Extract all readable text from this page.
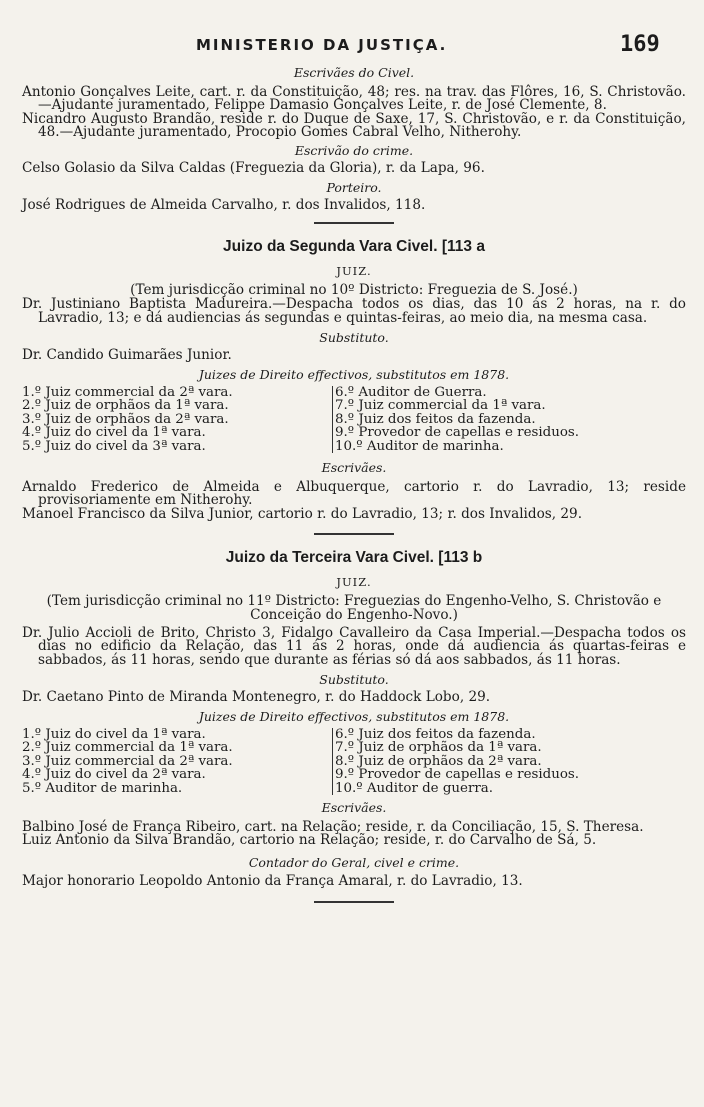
MINISTERIO DA JUSTIÇA.	169

Escrivães do Civel.

Antonio Gonçalves Leite, cart. r. da Constituição, 48; res. na trav. das Flôres, 16, S. Christovão.—Ajudante juramentado, Felippe Damasio Gonçalves Leite, r. de José Clemente, 8.

Nicandro Augusto Brandão, reside r. do Duque de Saxe, 17, S. Christovão, e r. da Constituição, 48.—Ajudante juramentado, Procopio Gomes Cabral Velho, Nitherohy.

Escrivão do crime.

Celso Golasio da Silva Caldas (Freguezia da Gloria), r. da Lapa, 96.

Porteiro.

José Rodrigues de Almeida Carvalho, r. dos Invalidos, 118.

Juizo da Segunda Vara Civel. [113 a

JUIZ.

(Tem jurisdicção criminal no 10º Districto: Freguezia de S. José.)

Dr. Justiniano Baptista Madureira.—Despacha todos os dias, das 10 ás 2 horas, na r. do Lavradio, 13; e dá audiencias ás segundas e quintas-feiras, ao meio dia, na mesma casa.

Substituto.

Dr. Candido Guimarães Junior.

Juizes de Direito effectivos, substitutos em 1878.

1.º Juiz commercial da 2ª vara.
2.º Juiz de orphãos da 1ª vara.
3.º Juiz de orphãos da 2ª vara.
4.º Juiz do civel da 1ª vara.
5.º Juiz do civel da 3ª vara.
6.º Auditor de Guerra.
7.º Juiz commercial da 1ª vara.
8.º Juiz dos feitos da fazenda.
9.º Provedor de capellas e residuos.
10.º Auditor de marinha.

Escrivães.

Arnaldo Frederico de Almeida e Albuquerque, cartorio r. do Lavradio, 13; reside provisoriamente em Nitherohy.

Manoel Francisco da Silva Junior, cartorio r. do Lavradio, 13; r. dos Invalidos, 29.

Juizo da Terceira Vara Civel. [113 b

JUIZ.

(Tem jurisdicção criminal no 11º Districto: Freguezias do Engenho-Velho, S. Christovão e Conceição do Engenho-Novo.)

Dr. Julio Accioli de Brito, Christo 3, Fidalgo Cavalleiro da Casa Imperial.—Despacha todos os dias no edificio da Relação, das 11 ás 2 horas, onde dá audiencia ás quartas-feiras e sabbados, ás 11 horas, sendo que durante as férias só dá aos sabbados, ás 11 horas.

Substituto.

Dr. Caetano Pinto de Miranda Montenegro, r. do Haddock Lobo, 29.

Juizes de Direito effectivos, substitutos em 1878.

1.º Juiz do civel da 1ª vara.
2.º Juiz commercial da 1ª vara.
3.º Juiz commercial da 2ª vara.
4.º Juiz do civel da 2ª vara.
5.º Auditor de marinha.
6.º Juiz dos feitos da fazenda.
7.º Juiz de orphãos da 1ª vara.
8.º Juiz de orphãos da 2ª vara.
9.º Provedor de capellas e residuos.
10.º Auditor de guerra.

Escrivães.

Balbino José de França Ribeiro, cart. na Relação; reside, r. da Conciliação, 15, S. Theresa.

Luiz Antonio da Silva Brandão, cartorio na Relação; reside, r. do Carvalho de Sá, 5.

Contador do Geral, civel e crime.

Major honorario Leopoldo Antonio da França Amaral, r. do Lavradio, 13.
